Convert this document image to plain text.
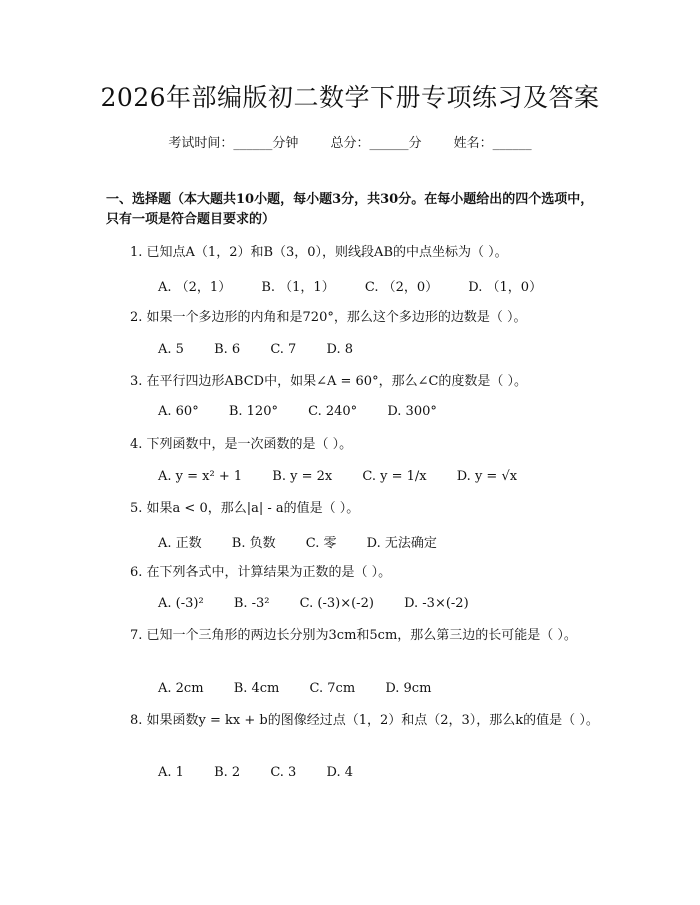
2026年部编版初二数学下册专项练习及答案
考试时间：______分钟 总分：______分 姓名：______
一、选择题（本大题共10小题，每小题3分，共30分。在每小题给出的四个选项中，只有一项是符合题目要求的）
1. 已知点A（1，2）和B（3，0），则线段AB的中点坐标为（ ）。
A. （2，1） B. （1，1） C. （2，0） D. （1，0）
2. 如果一个多边形的内角和是720°，那么这个多边形的边数是（ ）。
A. 5 B. 6 C. 7 D. 8
3. 在平行四边形ABCD中，如果∠A = 60°，那么∠C的度数是（ ）。
A. 60° B. 120° C. 240° D. 300°
4. 下列函数中，是一次函数的是（ ）。
A. y = x² + 1 B. y = 2x C. y = 1/x D. y = √x
5. 如果a < 0，那么|a| - a的值是（ ）。
A. 正数 B. 负数 C. 零 D. 无法确定
6. 在下列各式中，计算结果为正数的是（ ）。
A. (-3)² B. -3² C. (-3)×(-2) D. -3×(-2)
7. 已知一个三角形的两边长分别为3cm和5cm，那么第三边的长可能是（ ）。
A. 2cm B. 4cm C. 7cm D. 9cm
8. 如果函数y = kx + b的图像经过点（1，2）和点（2，3），那么k的值是（ ）。
A. 1 B. 2 C. 3 D. 4
